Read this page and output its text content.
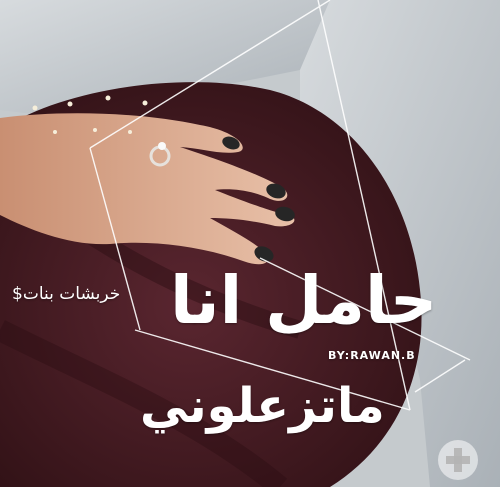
حامل انا
BY:RAWAN.B
ماتزعلوني
خربشات بنات$
